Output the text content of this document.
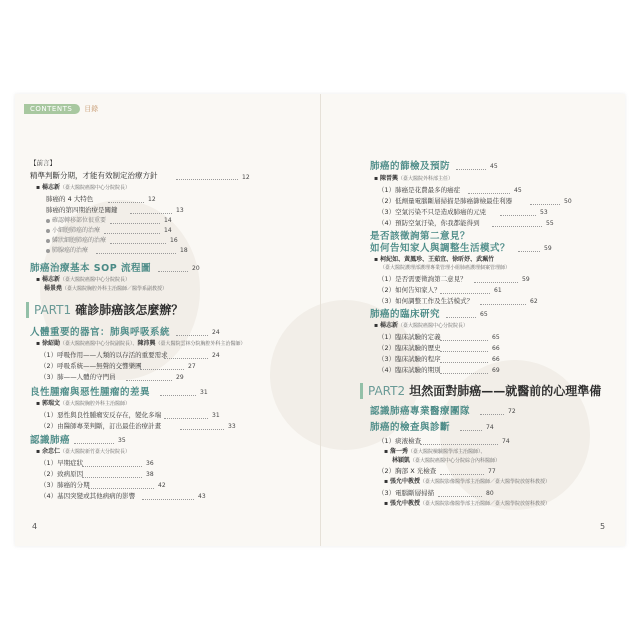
CONTENTS	目錄
【前言】
精準判斷分期，才能有效制定治療方針	12
▪ 楊志新（臺大醫院癌醫中心分院院長）
肺癌的 4 大特色	12
肺癌的第四期治療是關鍵	13
確認轉移部位很重要	14
小細胞肺癌的治療	14
鱗狀細胞肺癌的治療	16
肺腺癌的治療	18
肺癌治療基本 SOP 流程圖	20
▪ 楊志新（臺大醫院癌醫中心分院院長）
楊景堯（臺大醫院胸腔外科主治醫師／醫學系副教授）
PART1 確診肺癌該怎麼辦？
人體重要的器官：肺與呼吸系統	24
▪ 徐紹勛（臺大醫院癌醫中心分院副院長）、陳沛興（臺大醫院雲林分院胸腔外科主治醫師）
（1）呼吸作用——人類的以存活的重要需求	24
（2）呼吸系統——無聲的交響樂團	27
（3）肺——人體的守門員	29
良性腫瘤與惡性腫瘤的差異	31
▪ 郭瑞文（臺大醫院胸腔外科主治醫師）
（1）惡性與良性腫瘤安反存在，變化多端	31
（2）由醫師專業判斷，訂出最佳治療計畫	33
認識肺癌	35
▪ 余忠仁（臺大醫院新竹臺大分院院長）
（1）早期症狀	36
（2）致病原因	38
（3）肺癌的分期	42
（4）基因突變或其他病病的影響	43
4
肺癌的篩檢及預防	45
▪ 陳晉興（臺大醫院外科部主任）
（1）肺癌是花費最多的癌症	45
（2）低劑量電腦斷層掃描是肺癌篩檢最佳利器	50
（3）空氣污染不只是造成肺癌的元兇	53
（4）預防空氣汙染，你我都能得到	55
是否該徵詢第二意見？
如何告知家人與調整生活模式？	59
▪ 柯紀如、黃鳳珍、王茹宜、徐昕妤、武珮竹
（臺大醫院護理部護理專業管理小組肺癌護理個案管理師）
（1）是否需要徵詢第二意見？	59
（2）如何告知家人？	61
（3）如何調整工作及生活模式？	62
肺癌的臨床研究	65
▪ 楊志新（臺大醫院癌醫中心分院院長）
（1）臨床試驗的定義	65
（2）臨床試驗的歷史	66
（3）臨床試驗的程序	66
（4）臨床試驗的期別	69
PART2 坦然面對肺癌——就醫前的心理準備
認識肺癌專業醫療團隊	72
肺癌的檢查與診斷	74
（1）痰液檢查	74
▪ 詹一秀（臺大醫院檢驗醫學部主治醫師）、
林穎凱（臺大醫院癌醫中心分院綜合內科醫師）
（2）胸部 X 光檢查	77
▪ 張允中教授（臺大醫院影像醫學部主治醫師／臺大醫學院放射科教授）
（3）電腦斷層掃描	80
▪ 張允中教授（臺大醫院影像醫學部主治醫師／臺大醫學院放射科教授）
5
